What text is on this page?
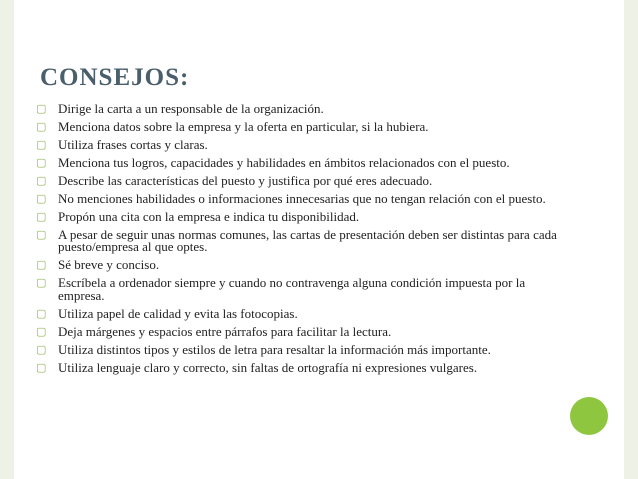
CONSEJOS:
▢ Dirige la carta a un responsable de la organización.
▢ Menciona datos sobre la empresa y la oferta en particular, si la hubiera.
▢ Utiliza frases cortas y claras.
▢ Menciona tus logros, capacidades y habilidades en ámbitos relacionados con el puesto.
▢ Describe las características del puesto y justifica por qué eres adecuado.
▢ No menciones habilidades o informaciones innecesarias que no tengan relación con el puesto.
▢ Propón una cita con la empresa e indica tu disponibilidad.
▢ A pesar de seguir unas normas comunes, las cartas de presentación deben ser distintas para cada puesto/empresa al que optes.
▢ Sé breve y conciso.
▢ Escríbela a ordenador siempre y cuando no contravenga alguna condición impuesta por la empresa.
▢ Utiliza papel de calidad y evita las fotocopias.
▢ Deja márgenes y espacios entre párrafos para facilitar la lectura.
▢ Utiliza distintos tipos y estilos de letra para resaltar la información más importante.
▢ Utiliza lenguaje claro y correcto, sin faltas de ortografía ni expresiones vulgares.
